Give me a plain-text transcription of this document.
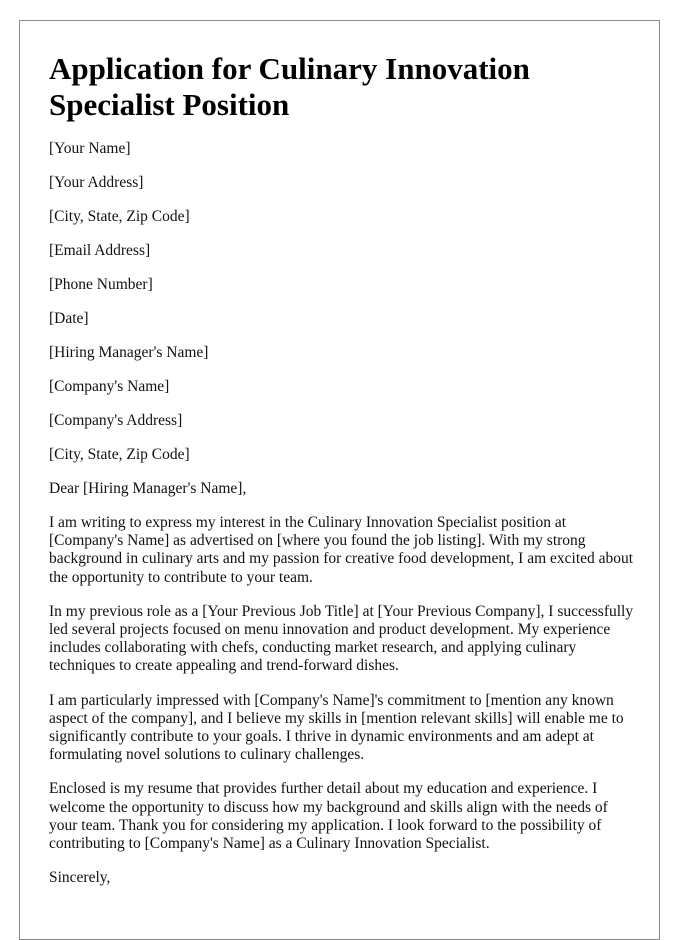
Application for Culinary Innovation Specialist Position
[Your Name]
[Your Address]
[City, State, Zip Code]
[Email Address]
[Phone Number]
[Date]
[Hiring Manager's Name]
[Company's Name]
[Company's Address]
[City, State, Zip Code]

Dear [Hiring Manager's Name],

I am writing to express my interest in the Culinary Innovation Specialist position at [Company's Name] as advertised on [where you found the job listing]. With my strong background in culinary arts and my passion for creative food development, I am excited about the opportunity to contribute to your team.

In my previous role as a [Your Previous Job Title] at [Your Previous Company], I successfully led several projects focused on menu innovation and product development. My experience includes collaborating with chefs, conducting market research, and applying culinary techniques to create appealing and trend-forward dishes.

I am particularly impressed with [Company's Name]'s commitment to [mention any known aspect of the company], and I believe my skills in [mention relevant skills] will enable me to significantly contribute to your goals. I thrive in dynamic environments and am adept at formulating novel solutions to culinary challenges.

Enclosed is my resume that provides further detail about my education and experience. I welcome the opportunity to discuss how my background and skills align with the needs of your team. Thank you for considering my application. I look forward to the possibility of contributing to [Company's Name] as a Culinary Innovation Specialist.

Sincerely,
